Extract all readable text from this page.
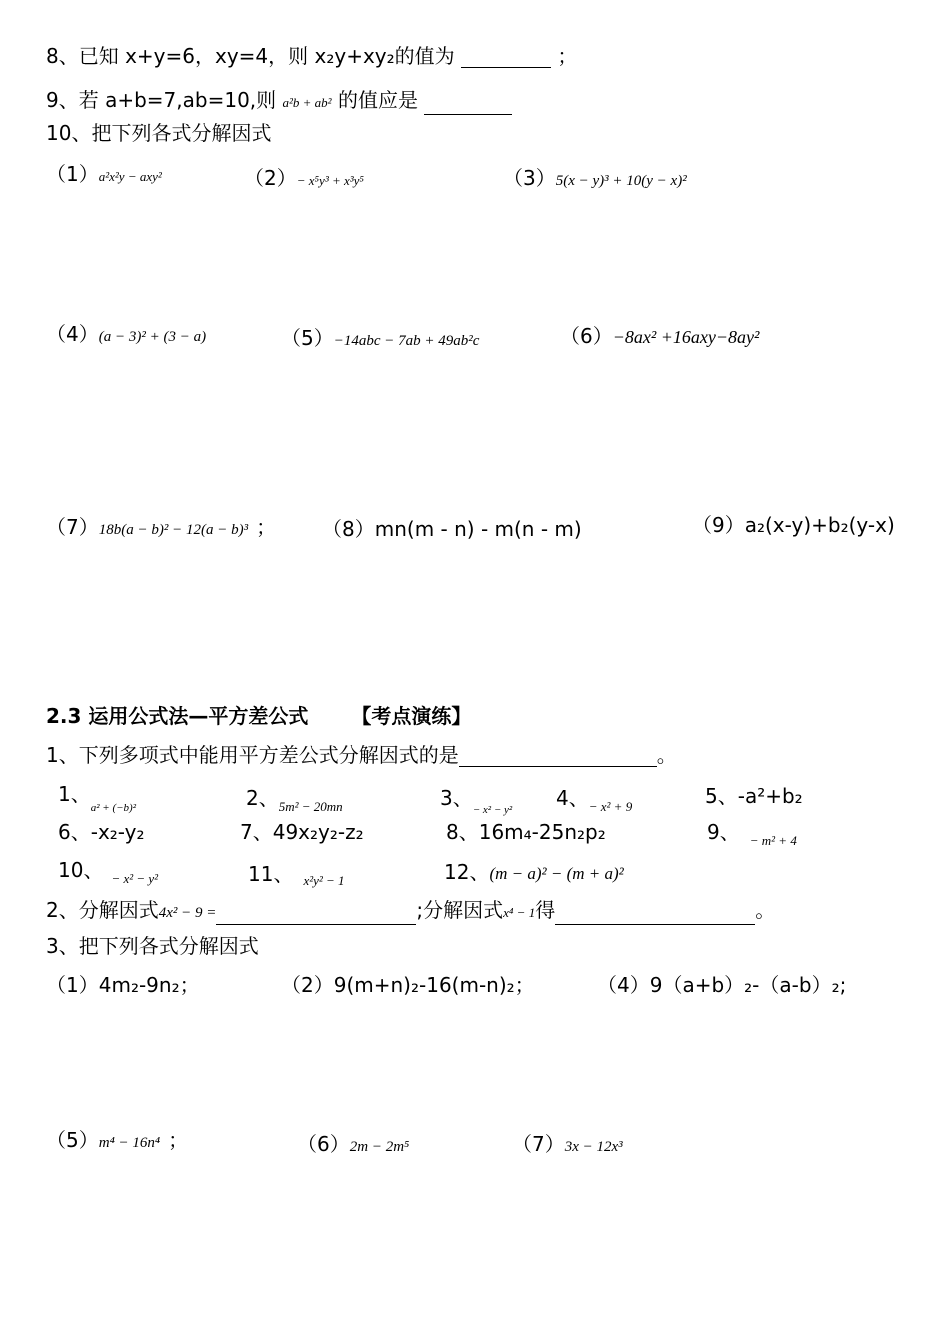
8、已知 x+y=6，xy=4，则 x₂y+xy₂的值为	；
9、若 a+b=7,ab=10,则 a²b + ab² 的值应是
10、把下列各式分解因式
（1）a²x²y − axy²	（2）− x⁵y³ + x³y⁵	（3）5(x − y)³ + 10(y − x)²
（4）(a − 3)² + (3 − a)	（5）−14abc − 7ab + 49ab²c	（6）−8ax² +16axy−8ay²
（7）18b(a − b)² − 12(a − b)³ ； （8）mn(m - n) - m(n - m)	（9）a₂(x-y)+b₂(y-x)
2.3 运用公式法—平方差公式 【考点演练】
1、下列多项式中能用平方差公式分解因式的是	。
1、$_{a^2 + (-b)^2}$	2、$_{5m^2 - 20mn}$	3、$_{- x^2 - y^2}$ 4、$_{- x^2 + 9}$	5、-a²+b₂
6、-x₂-y₂	7、49x₂y₂-z₂	8、16m₄-25n₂p₂	9、 $_{- m^2 + 4}$
10、 $_{- x^2 - y^2}$	11、 $_{x^2y^2 - 1}$	12、(m − a)² − (m + a)²
2、分解因式4x² − 9 =	;分解因式x⁴ − 1得	。
3、把下列各式分解因式
（1）4m₂-9n₂；	（2）9(m+n)₂-16(m-n)₂；	（4）9（a+b）₂-（a-b）₂;
（5）m⁴ − 16n⁴ ；	（6）2m − 2m⁵	（7）3x − 12x³
